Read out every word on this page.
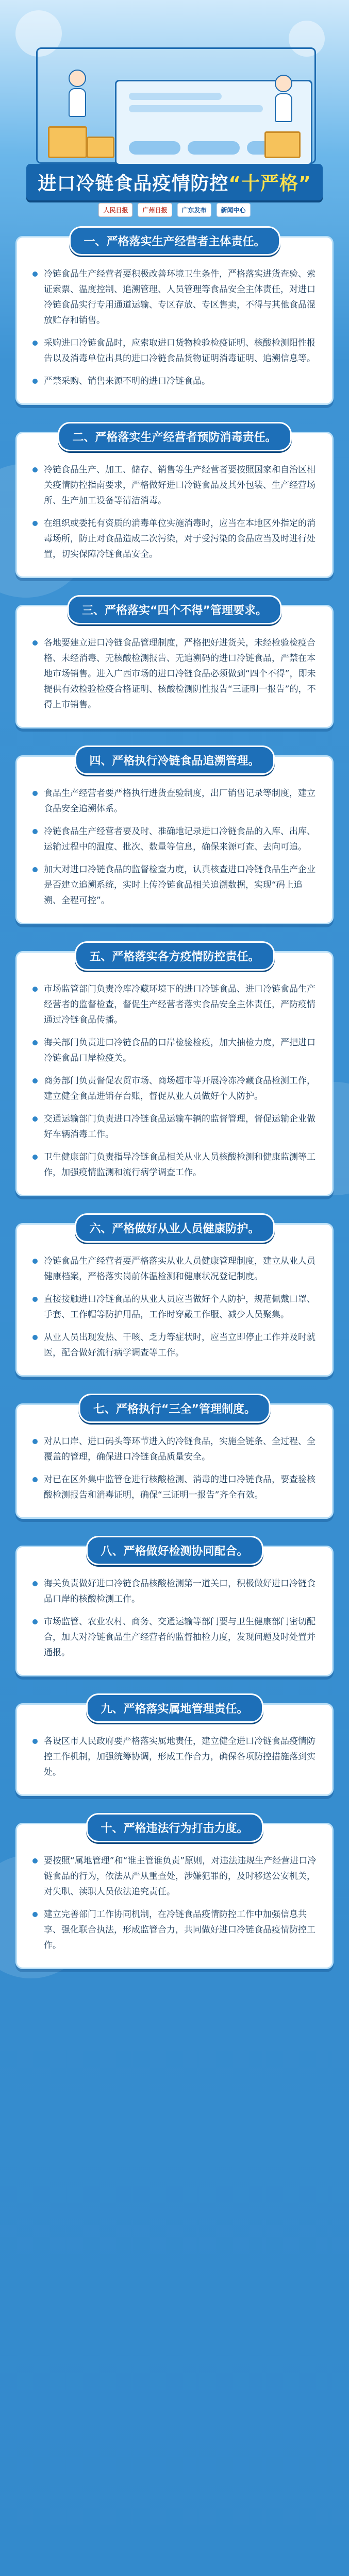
进口冷链食品疫情防控“十严格”
人民日报	广州日报	广东发布	新闻中心
一、严格落实生产经营者主体责任。

冷链食品生产经营者要积极改善环境卫生条件，严格落实进货查验、索证索票、温度控制、追溯管理、人员管理等食品安全主体责任，对进口冷链食品实行专用通道运输、专区存放、专区售卖，不得与其他食品混放贮存和销售。

采购进口冷链食品时，应索取进口货物检验检疫证明、核酸检测阳性报告以及消毒单位出具的进口冷链食品货物证明消毒证明、追溯信息等。

严禁采购、销售来源不明的进口冷链食品。

二、严格落实生产经营者预防消毒责任。

冷链食品生产、加工、储存、销售等生产经营者要按照国家和自治区相关疫情防控指南要求，严格做好进口冷链食品及其外包装、生产经营场所、生产加工设备等清洁消毒。

在组织或委托有资质的消毒单位实施消毒时，应当在本地区外指定的消毒场所，防止对食品造成二次污染，对于受污染的食品应当及时进行处置，切实保障冷链食品安全。

三、严格落实“四个不得”管理要求。

各地要建立进口冷链食品管理制度，严格把好进货关，未经检验检疫合格、未经消毒、无核酸检测报告、无追溯码的进口冷链食品，严禁在本地市场销售。进入广西市场的进口冷链食品必须做到“四个不得”，即未提供有效检验检疫合格证明、核酸检测阴性报告“三证明一报告”的，不得上市销售。

四、严格执行冷链食品追溯管理。

食品生产经营者要严格执行进货查验制度，出厂销售记录等制度，建立食品安全追溯体系。

冷链食品生产经营者要及时、准确地记录进口冷链食品的入库、出库、运输过程中的温度、批次、数量等信息，确保来源可查、去向可追。

加大对进口冷链食品的监督检查力度，认真核查进口冷链食品生产企业是否建立追溯系统，实时上传冷链食品相关追溯数据，实现“码上追溯、全程可控”。

五、严格落实各方疫情防控责任。

市场监管部门负责冷库冷藏环境下的进口冷链食品、进口冷链食品生产经营者的监督检查，督促生产经营者落实食品安全主体责任，严防疫情通过冷链食品传播。

海关部门负责进口冷链食品的口岸检验检疫，加大抽检力度，严把进口冷链食品口岸检疫关。

商务部门负责督促农贸市场、商场超市等开展冷冻冷藏食品检测工作，建立健全食品进销存台账，督促从业人员做好个人防护。

交通运输部门负责进口冷链食品运输车辆的监督管理，督促运输企业做好车辆消毒工作。

卫生健康部门负责指导冷链食品相关从业人员核酸检测和健康监测等工作，加强疫情监测和流行病学调查工作。

六、严格做好从业人员健康防护。

冷链食品生产经营者要严格落实从业人员健康管理制度，建立从业人员健康档案，严格落实岗前体温检测和健康状况登记制度。

直接接触进口冷链食品的从业人员应当做好个人防护，规范佩戴口罩、手套、工作帽等防护用品，工作时穿戴工作服、减少人员聚集。

从业人员出现发热、干咳、乏力等症状时，应当立即停止工作并及时就医，配合做好流行病学调查等工作。

七、严格执行“三全”管理制度。

对从口岸、进口码头等环节进入的冷链食品，实施全链条、全过程、全覆盖的管理，确保进口冷链食品质量安全。

对已在区外集中监管仓进行核酸检测、消毒的进口冷链食品，要查验核酸检测报告和消毒证明，确保“三证明一报告”齐全有效。

八、严格做好检测协同配合。

海关负责做好进口冷链食品核酸检测第一道关口，积极做好进口冷链食品口岸的核酸检测工作。

市场监管、农业农村、商务、交通运输等部门要与卫生健康部门密切配合，加大对冷链食品生产经营者的监督抽检力度，发现问题及时处置并通报。

九、严格落实属地管理责任。

各设区市人民政府要严格落实属地责任，建立健全进口冷链食品疫情防控工作机制，加强统筹协调，形成工作合力，确保各项防控措施落到实处。

十、严格违法行为打击力度。

要按照“属地管理”和“谁主管谁负责”原则，对违法违规生产经营进口冷链食品的行为，依法从严从重查处，涉嫌犯罪的，及时移送公安机关，对失职、渎职人员依法追究责任。

建立完善部门工作协同机制，在冷链食品疫情防控工作中加强信息共享、强化联合执法，形成监管合力，共同做好进口冷链食品疫情防控工作。
